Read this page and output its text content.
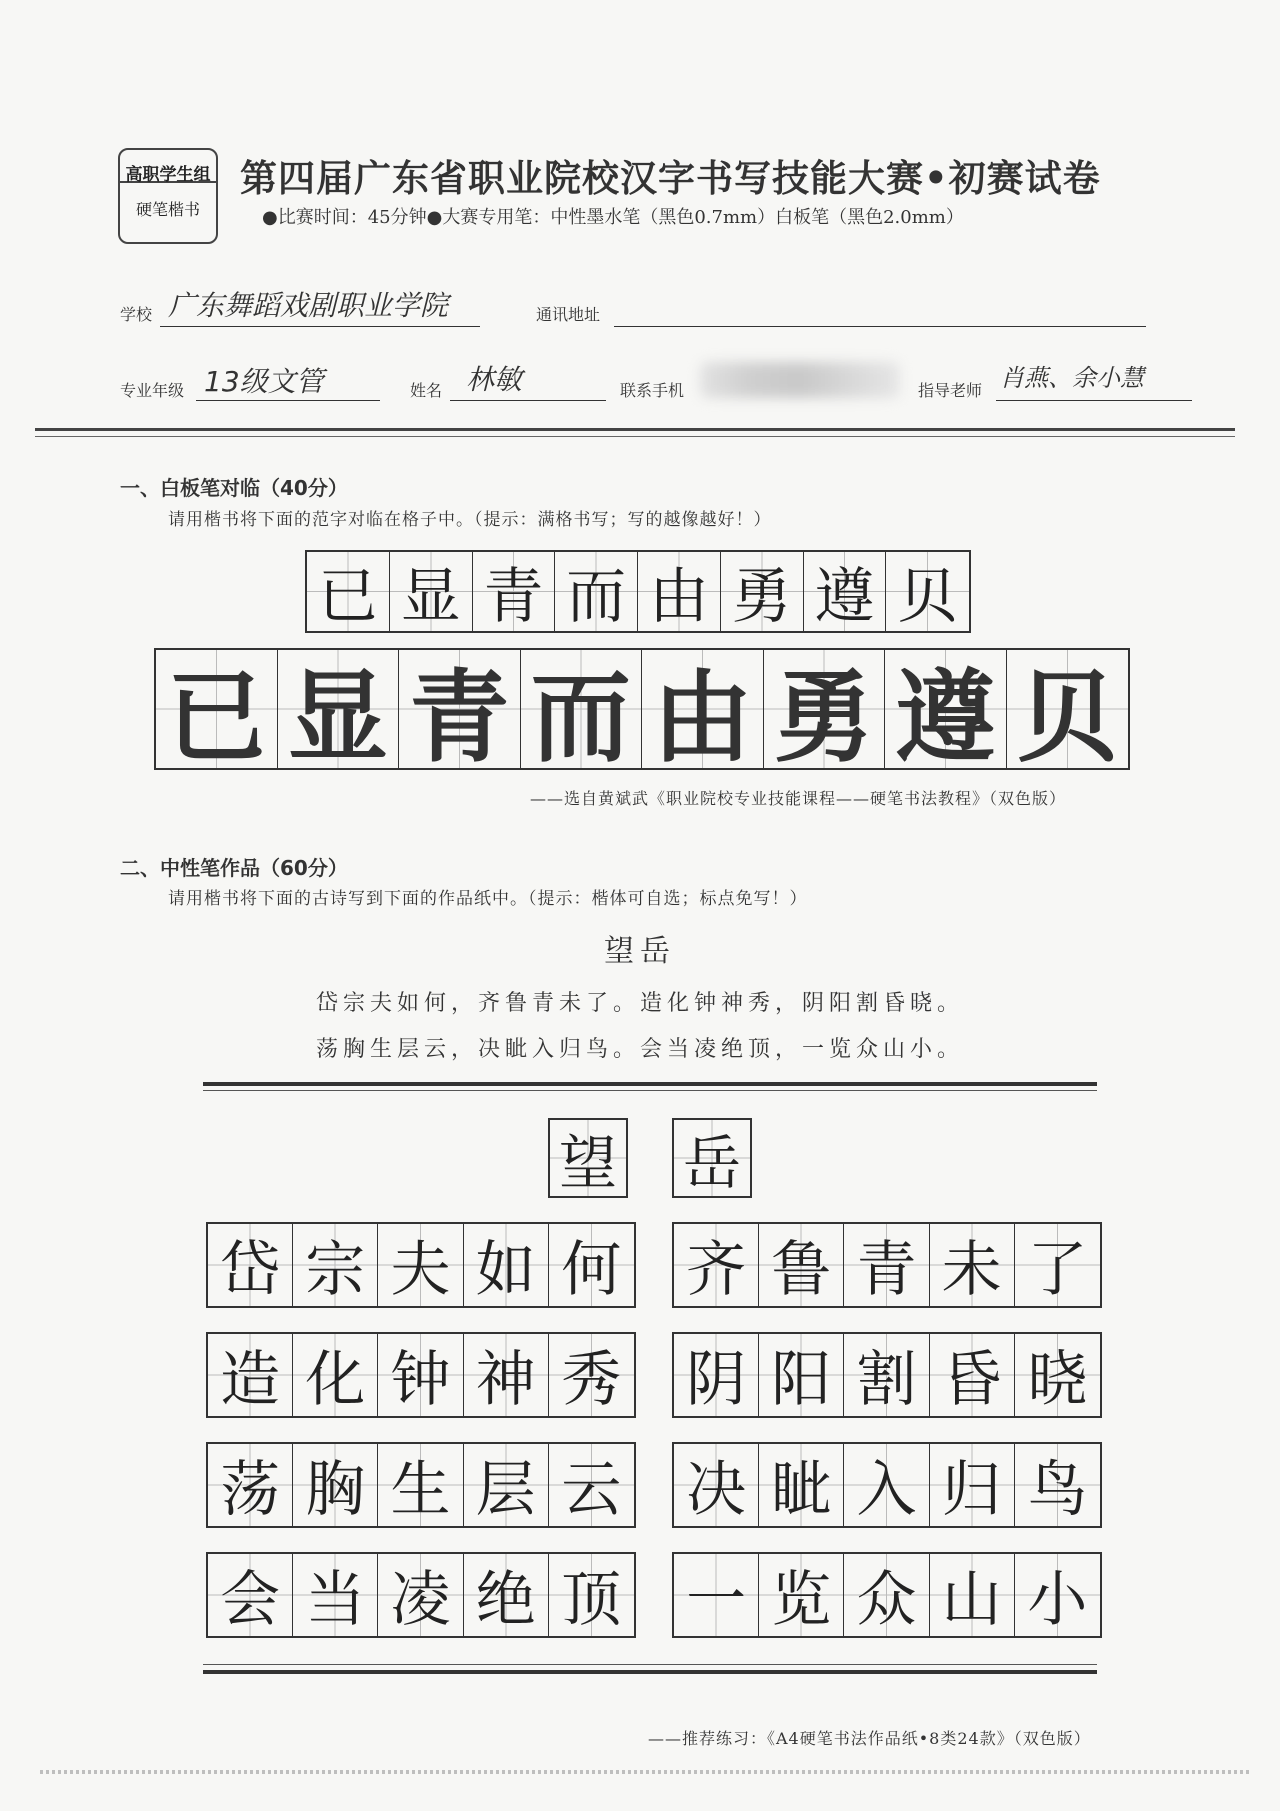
高职学生组
硬笔楷书
第四届广东省职业院校汉字书写技能大赛•初赛试卷
●比赛时间：45分钟●大赛专用笔：中性墨水笔（黑色0.7mm）白板笔（黑色2.0mm）
学校 广东舞蹈戏剧职业学院	通讯地址
专业年级 13级文管	姓名 林敏	联系手机	指导老师 肖燕、余小慧
一、白板笔对临（40分）
请用楷书将下面的范字对临在格子中。（提示：满格书写；写的越像越好！）
已 显 青 而 由 勇 遵 贝
已 显 青 而 由 勇 遵 贝
——选自黄斌武《职业院校专业技能课程——硬笔书法教程》（双色版）
二、中性笔作品（60分）
请用楷书将下面的古诗写到下面的作品纸中。（提示：楷体可自选；标点免写！）
望岳
岱宗夫如何，齐鲁青未了。造化钟神秀，阴阳割昏晓。
荡胸生层云，决眦入归鸟。会当凌绝顶，一览众山小。
望 岳
岱 宗 夫 如 何 齐 鲁 青 未 了
造 化 钟 神 秀 阴 阳 割 昏 晓
荡 胸 生 层 云 决 眦 入 归 鸟
会 当 凌 绝 顶 一 览 众 山 小
——推荐练习：《A4硬笔书法作品纸•8类24款》（双色版）
